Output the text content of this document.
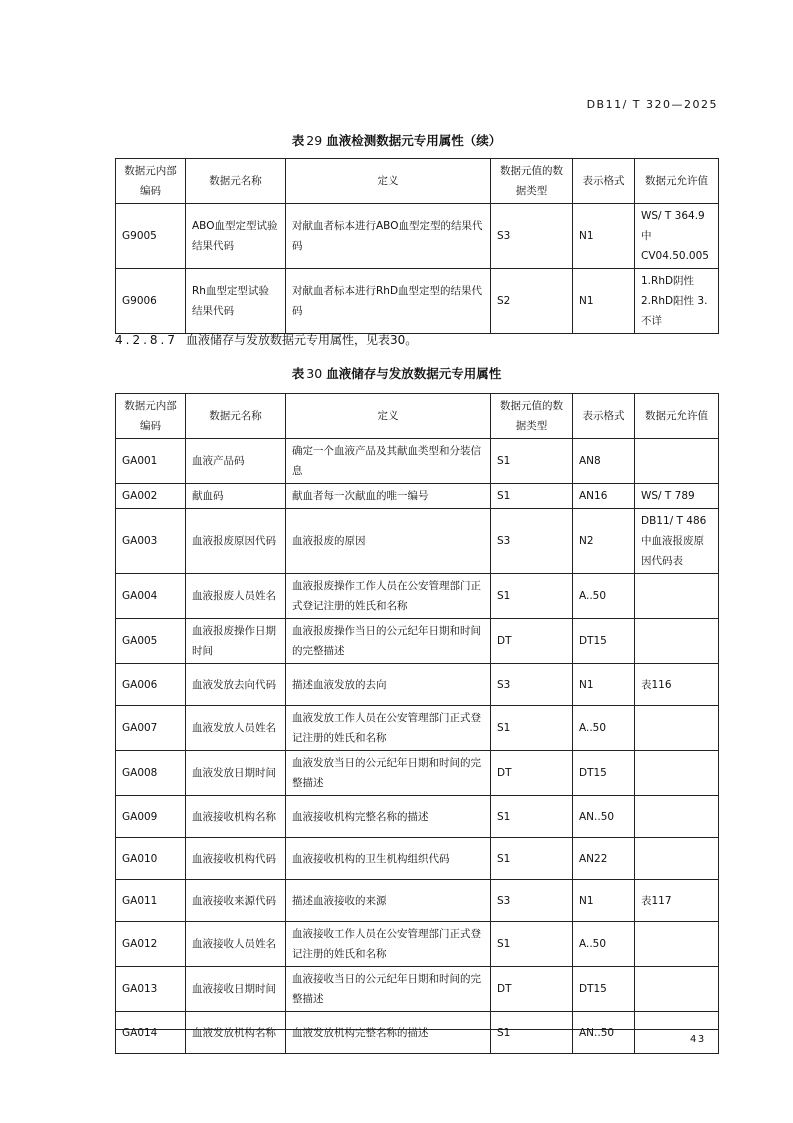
DB11/ T 320—2025
表 29 血液检测数据元专用属性（续）
数据元内部编码	数据元名称	定义	数据元值的数据类型	表示格式	数据元允许值
G9005	ABO血型定型试验结果代码	对献血者标本进行ABO血型定型的结果代码	S3	N1	WS/ T 364.9 中 CV04.50.005
G9006	Rh血型定型试验结果代码	对献血者标本进行RhD血型定型的结果代码	S2	N1	1.RhD阴性 2.RhD阳性 3.不详
4.2.8.7 血液储存与发放数据元专用属性，见表30。
表 30 血液储存与发放数据元专用属性
数据元内部编码	数据元名称	定义	数据元值的数据类型	表示格式	数据元允许值
GA001	血液产品码	确定一个血液产品及其献血类型和分装信息	S1	AN8	
GA002	献血码	献血者每一次献血的唯一编号	S1	AN16	WS/ T 789
GA003	血液报废原因代码	血液报废的原因	S3	N2	DB11/ T 486 中血液报废原因代码表
GA004	血液报废人员姓名	血液报废操作工作人员在公安管理部门正式登记注册的姓氏和名称	S1	A..50	
GA005	血液报废操作日期时间	血液报废操作当日的公元纪年日期和时间的完整描述	DT	DT15	
GA006	血液发放去向代码	描述血液发放的去向	S3	N1	表116
GA007	血液发放人员姓名	血液发放工作人员在公安管理部门正式登记注册的姓氏和名称	S1	A..50	
GA008	血液发放日期时间	血液发放当日的公元纪年日期和时间的完整描述	DT	DT15	
GA009	血液接收机构名称	血液接收机构完整名称的描述	S1	AN..50	
GA010	血液接收机构代码	血液接收机构的卫生机构组织代码	S1	AN22	
GA011	血液接收来源代码	描述血液接收的来源	S3	N1	表117
GA012	血液接收人员姓名	血液接收工作人员在公安管理部门正式登记注册的姓氏和名称	S1	A..50	
GA013	血液接收日期时间	血液接收当日的公元纪年日期和时间的完整描述	DT	DT15	
GA014	血液发放机构名称	血液发放机构完整名称的描述	S1	AN..50	
43
